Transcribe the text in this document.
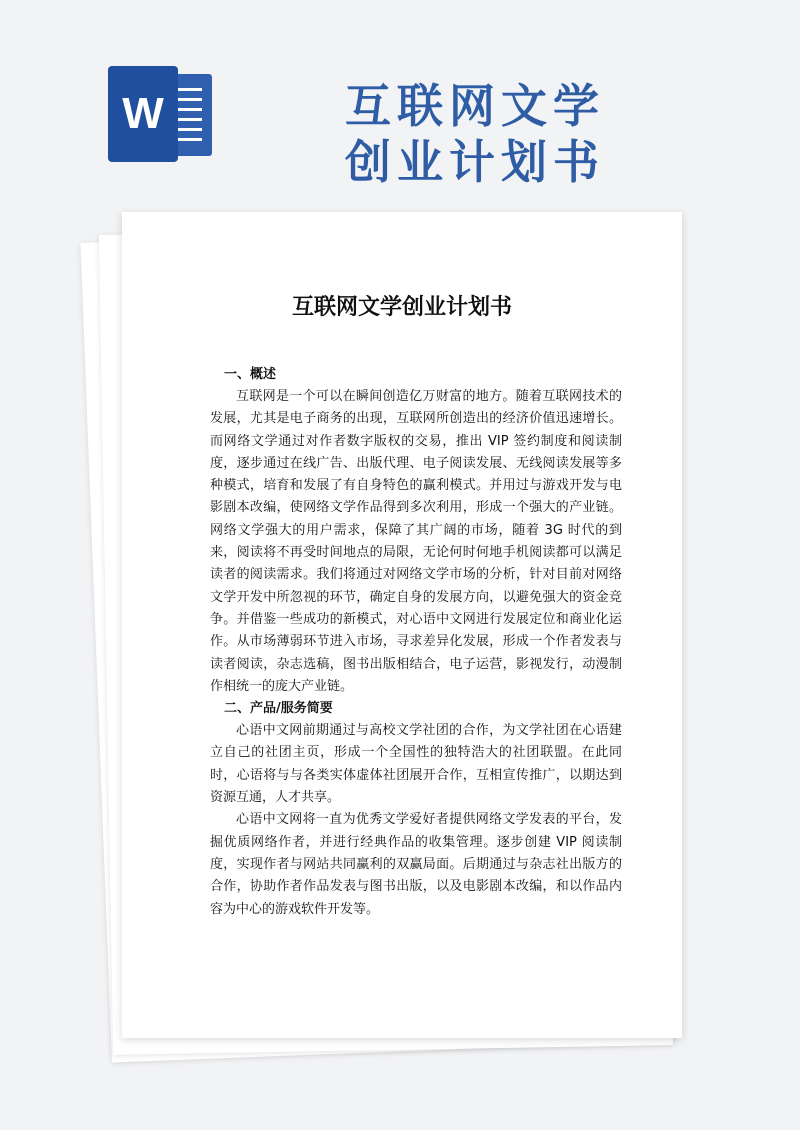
W	互联网文学
创业计划书
互联网文学创业计划书
一、概述

互联网是一个可以在瞬间创造亿万财富的地方。随着互联网技术的发展，尤其是电子商务的出现，互联网所创造出的经济价值迅速增长。而网络文学通过对作者数字版权的交易，推出 VIP 签约制度和阅读制度，逐步通过在线广告、出版代理、电子阅读发展、无线阅读发展等多种模式，培育和发展了有自身特色的赢利模式。并用过与游戏开发与电影剧本改编，使网络文学作品得到多次利用，形成一个强大的产业链。网络文学强大的用户需求，保障了其广阔的市场，随着 3G 时代的到来，阅读将不再受时间地点的局限，无论何时何地手机阅读都可以满足读者的阅读需求。我们将通过对网络文学市场的分析，针对目前对网络文学开发中所忽视的环节，确定自身的发展方向，以避免强大的资金竞争。并借鉴一些成功的新模式，对心语中文网进行发展定位和商业化运作。从市场薄弱环节进入市场，寻求差异化发展，形成一个作者发表与读者阅读，杂志选稿，图书出版相结合，电子运营，影视发行，动漫制作相统一的庞大产业链。

二、产品/服务简要

心语中文网前期通过与高校文学社团的合作，为文学社团在心语建立自己的社团主页，形成一个全国性的独特浩大的社团联盟。在此同时，心语将与与各类实体虚体社团展开合作，互相宣传推广，以期达到资源互通，人才共享。

心语中文网将一直为优秀文学爱好者提供网络文学发表的平台，发掘优质网络作者，并进行经典作品的收集管理。逐步创建 VIP 阅读制度，实现作者与网站共同赢利的双赢局面。后期通过与杂志社出版方的合作，协助作者作品发表与图书出版，以及电影剧本改编，和以作品内容为中心的游戏软件开发等。
